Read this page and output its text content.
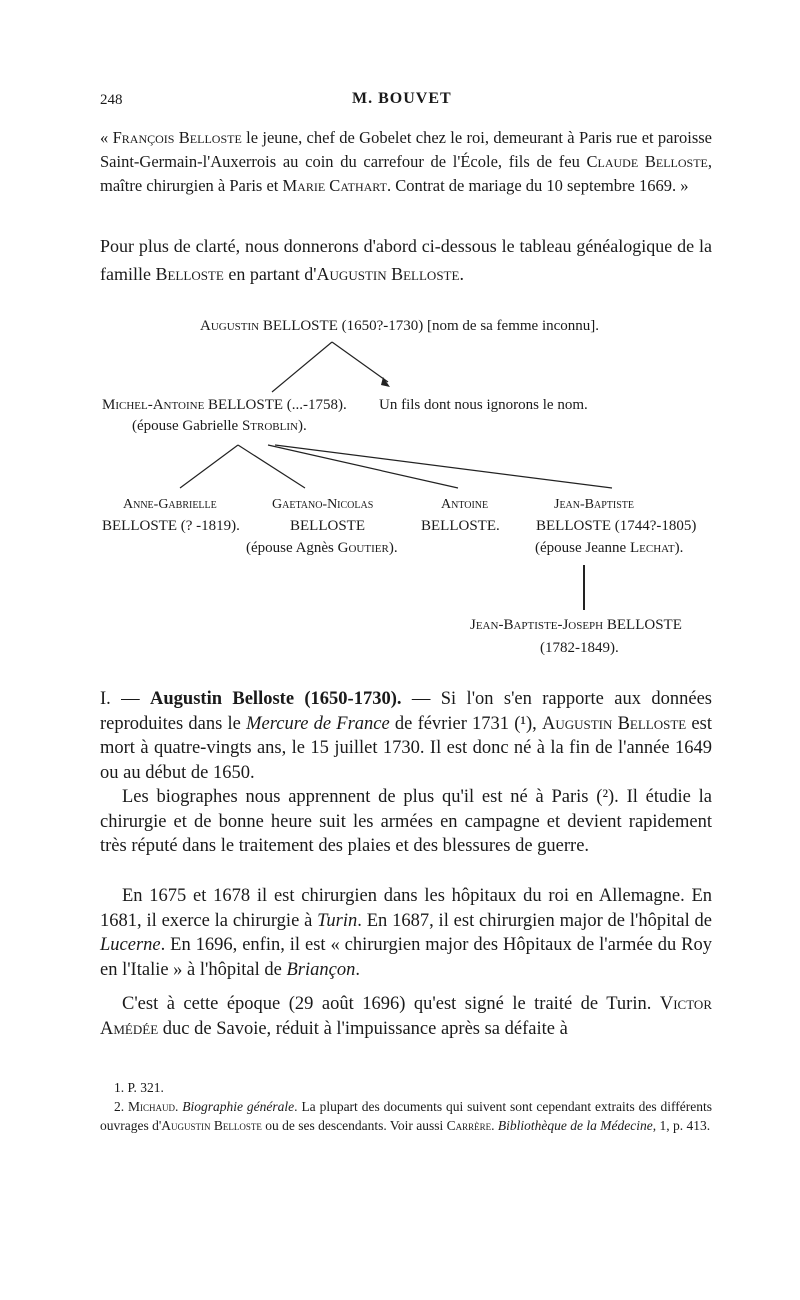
248	M. BOUVET
« François Belloste le jeune, chef de Gobelet chez le roi, demeurant à Paris rue et paroisse Saint-Germain-l'Auxerrois au coin du carrefour de l'École, fils de feu Claude Belloste, maître chirurgien à Paris et Marie Cathart. Contrat de mariage du 10 septembre 1669. »
Pour plus de clarté, nous donnerons d'abord ci-dessous le tableau généalogique de la famille Belloste en partant d'Augustin Belloste.
Augustin BELLOSTE (1650?-1730) [nom de sa femme inconnu].
Michel-Antoine BELLOSTE (...-1758).
(épouse Gabrielle Stroblin).
Un fils dont nous ignorons le nom.
Anne-Gabrielle
BELLOSTE (? -1819).
Gaetano-Nicolas
BELLOSTE
(épouse Agnès Goutier).
Antoine
BELLOSTE.
Jean-Baptiste
BELLOSTE (1744?-1805)
(épouse Jeanne Lechat).
Jean-Baptiste-Joseph BELLOSTE
(1782-1849).
I. — Augustin Belloste (1650-1730). — Si l'on s'en rapporte aux données reproduites dans le Mercure de France de février 1731 (¹), Augustin Belloste est mort à quatre-vingts ans, le 15 juillet 1730. Il est donc né à la fin de l'année 1649 ou au début de 1650.
Les biographes nous apprennent de plus qu'il est né à Paris (²). Il étudie la chirurgie et de bonne heure suit les armées en campagne et devient rapidement très réputé dans le traitement des plaies et des blessures de guerre.
En 1675 et 1678 il est chirurgien dans les hôpitaux du roi en Allemagne. En 1681, il exerce la chirurgie à Turin. En 1687, il est chirurgien major de l'hôpital de Lucerne. En 1696, enfin, il est « chirurgien major des Hôpitaux de l'armée du Roy en l'Italie » à l'hôpital de Briançon.
C'est à cette époque (29 août 1696) qu'est signé le traité de Turin. Victor Amédée duc de Savoie, réduit à l'impuissance après sa défaite à
1. P. 321.
2. Michaud. Biographie générale. La plupart des documents qui suivent sont cependant extraits des différents ouvrages d'Augustin Belloste ou de ses descendants. Voir aussi Carrère. Bibliothèque de la Médecine, 1, p. 413.
